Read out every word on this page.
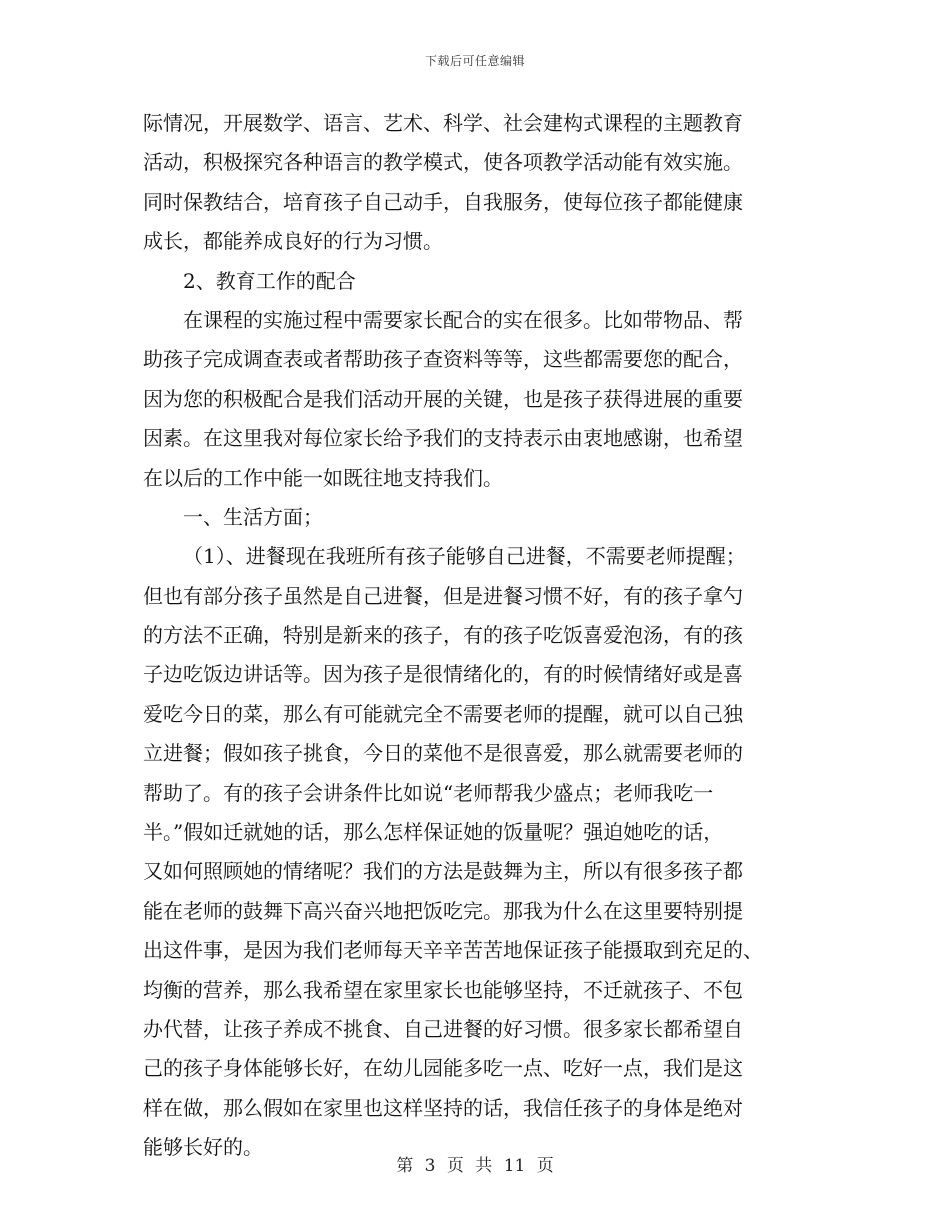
下载后可任意编辑
际情况，开展数学、语言、艺术、科学、社会建构式课程的主题教育
活动，积极探究各种语言的教学模式，使各项教学活动能有效实施。
同时保教结合，培育孩子自己动手，自我服务，使每位孩子都能健康
成长，都能养成良好的行为习惯。
2、教育工作的配合
在课程的实施过程中需要家长配合的实在很多。比如带物品、帮
助孩子完成调查表或者帮助孩子查资料等等，这些都需要您的配合，
因为您的积极配合是我们活动开展的关键，也是孩子获得进展的重要
因素。在这里我对每位家长给予我们的支持表示由衷地感谢，也希望
在以后的工作中能一如既往地支持我们。
一、生活方面；
（1）、进餐现在我班所有孩子能够自己进餐，不需要老师提醒；
但也有部分孩子虽然是自己进餐，但是进餐习惯不好，有的孩子拿勺
的方法不正确，特别是新来的孩子，有的孩子吃饭喜爱泡汤，有的孩
子边吃饭边讲话等。因为孩子是很情绪化的，有的时候情绪好或是喜
爱吃今日的菜，那么有可能就完全不需要老师的提醒，就可以自己独
立进餐；假如孩子挑食，今日的菜他不是很喜爱，那么就需要老师的
帮助了。有的孩子会讲条件比如说“老师帮我少盛点；老师我吃一
半。”假如迁就她的话，那么怎样保证她的饭量呢？强迫她吃的话，
又如何照顾她的情绪呢？我们的方法是鼓舞为主，所以有很多孩子都
能在老师的鼓舞下高兴奋兴地把饭吃完。那我为什么在这里要特别提
出这件事，是因为我们老师每天辛辛苦苦地保证孩子能摄取到充足的、
均衡的营养，那么我希望在家里家长也能够坚持，不迁就孩子、不包
办代替，让孩子养成不挑食、自己进餐的好习惯。很多家长都希望自
己的孩子身体能够长好，在幼儿园能多吃一点、吃好一点，我们是这
样在做，那么假如在家里也这样坚持的话，我信任孩子的身体是绝对
能够长好的。
第 3 页 共 11 页
